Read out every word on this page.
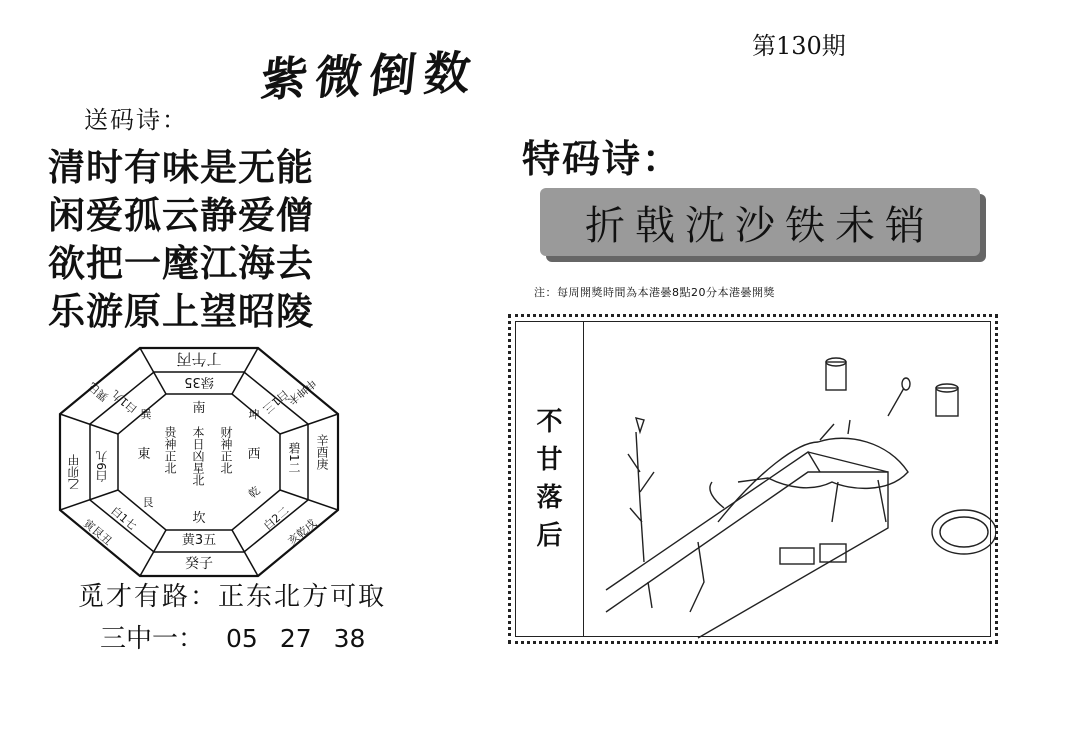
第130期
紫微倒数
送码诗：
清时有味是无能
闲爱孤云静爱僧
欲把一麾江海去
乐游原上望昭陵
特码诗：
折戟沈沙铁未销
注：每周開獎時間為本港曇8點20分本港曇開獎
丁午丙
绿35
南
本日凶星北
贵神正北	财神正北 西
東
坎
艮
乾
巽	坤
黄3五
癸子
碧1二 辛酉庚
白9九
乙卯甲
巽巳
白1九	申坤未
白1三
寅艮丑
白1七	亥乾戌
白2二
觅才有路：正东北方可取
三中一： 05 27 38
不
甘
落
后
